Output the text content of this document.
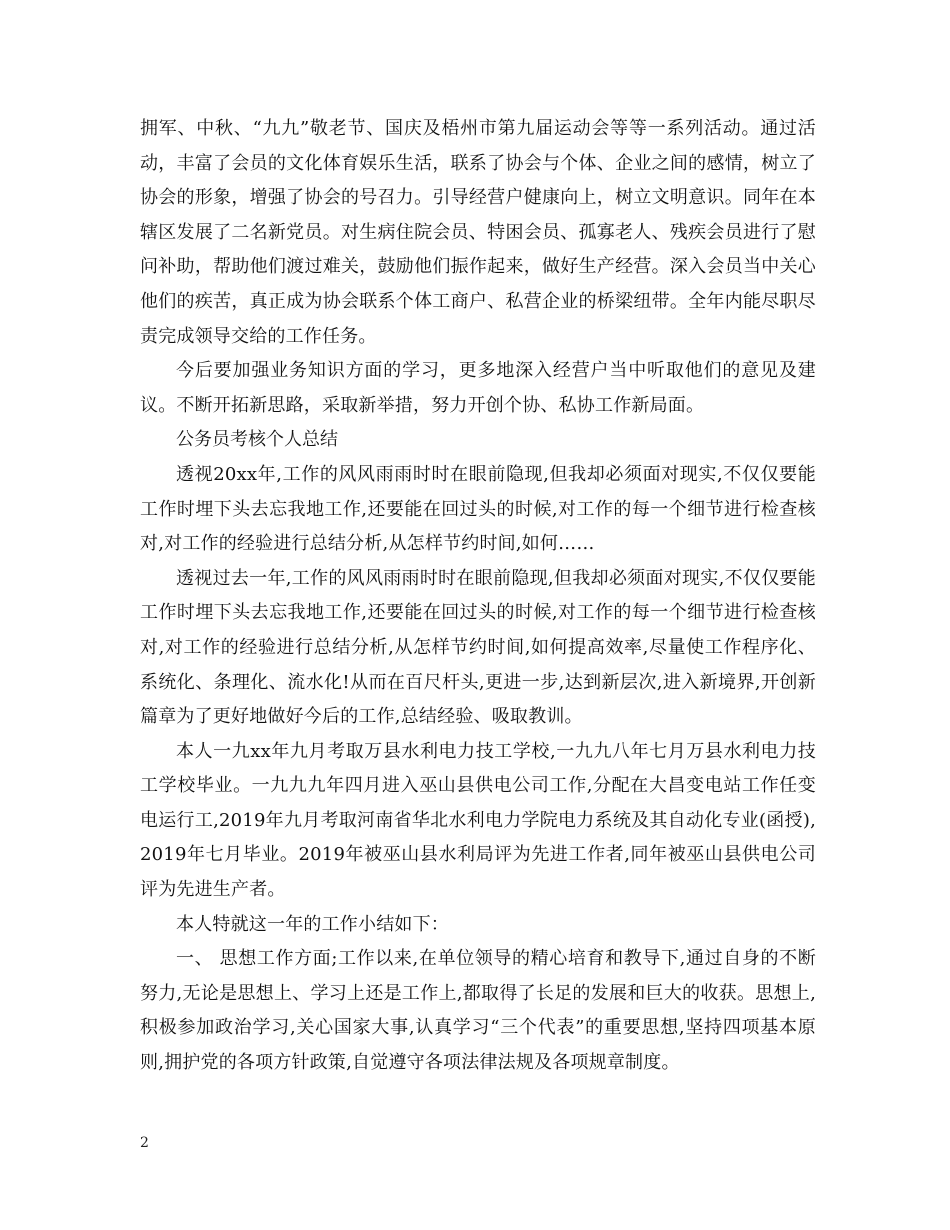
拥军、中秋、“九九”敬老节、国庆及梧州市第九届运动会等等一系列活动。通过活动，丰富了会员的文化体育娱乐生活，联系了协会与个体、企业之间的感情，树立了协会的形象，增强了协会的号召力。引导经营户健康向上，树立文明意识。同年在本辖区发展了二名新党员。对生病住院会员、特困会员、孤寡老人、残疾会员进行了慰问补助，帮助他们渡过难关，鼓励他们振作起来，做好生产经营。深入会员当中关心他们的疾苦，真正成为协会联系个体工商户、私营企业的桥梁纽带。全年内能尽职尽责完成领导交给的工作任务。

今后要加强业务知识方面的学习，更多地深入经营户当中听取他们的意见及建议。不断开拓新思路，采取新举措，努力开创个协、私协工作新局面。

公务员考核个人总结

透视20xx年,工作的风风雨雨时时在眼前隐现,但我却必须面对现实,不仅仅要能工作时埋下头去忘我地工作,还要能在回过头的时候,对工作的每一个细节进行检查核对,对工作的经验进行总结分析,从怎样节约时间,如何……

透视过去一年,工作的风风雨雨时时在眼前隐现,但我却必须面对现实,不仅仅要能工作时埋下头去忘我地工作,还要能在回过头的时候,对工作的每一个细节进行检查核对,对工作的经验进行总结分析,从怎样节约时间,如何提高效率,尽量使工作程序化、系统化、条理化、流水化!从而在百尺杆头,更进一步,达到新层次,进入新境界,开创新篇章为了更好地做好今后的工作,总结经验、吸取教训。

本人一九xx年九月考取万县水利电力技工学校,一九九八年七月万县水利电力技工学校毕业。一九九九年四月进入巫山县供电公司工作,分配在大昌变电站工作任变电运行工,2019年九月考取河南省华北水利电力学院电力系统及其自动化专业(函授),2019年七月毕业。2019年被巫山县水利局评为先进工作者,同年被巫山县供电公司评为先进生产者。

本人特就这一年的工作小结如下：

一、 思想工作方面;工作以来,在单位领导的精心培育和教导下,通过自身的不断努力,无论是思想上、学习上还是工作上,都取得了长足的发展和巨大的收获。思想上,积极参加政治学习,关心国家大事,认真学习“三个代表”的重要思想,坚持四项基本原则,拥护党的各项方针政策,自觉遵守各项法律法规及各项规章制度。

2
